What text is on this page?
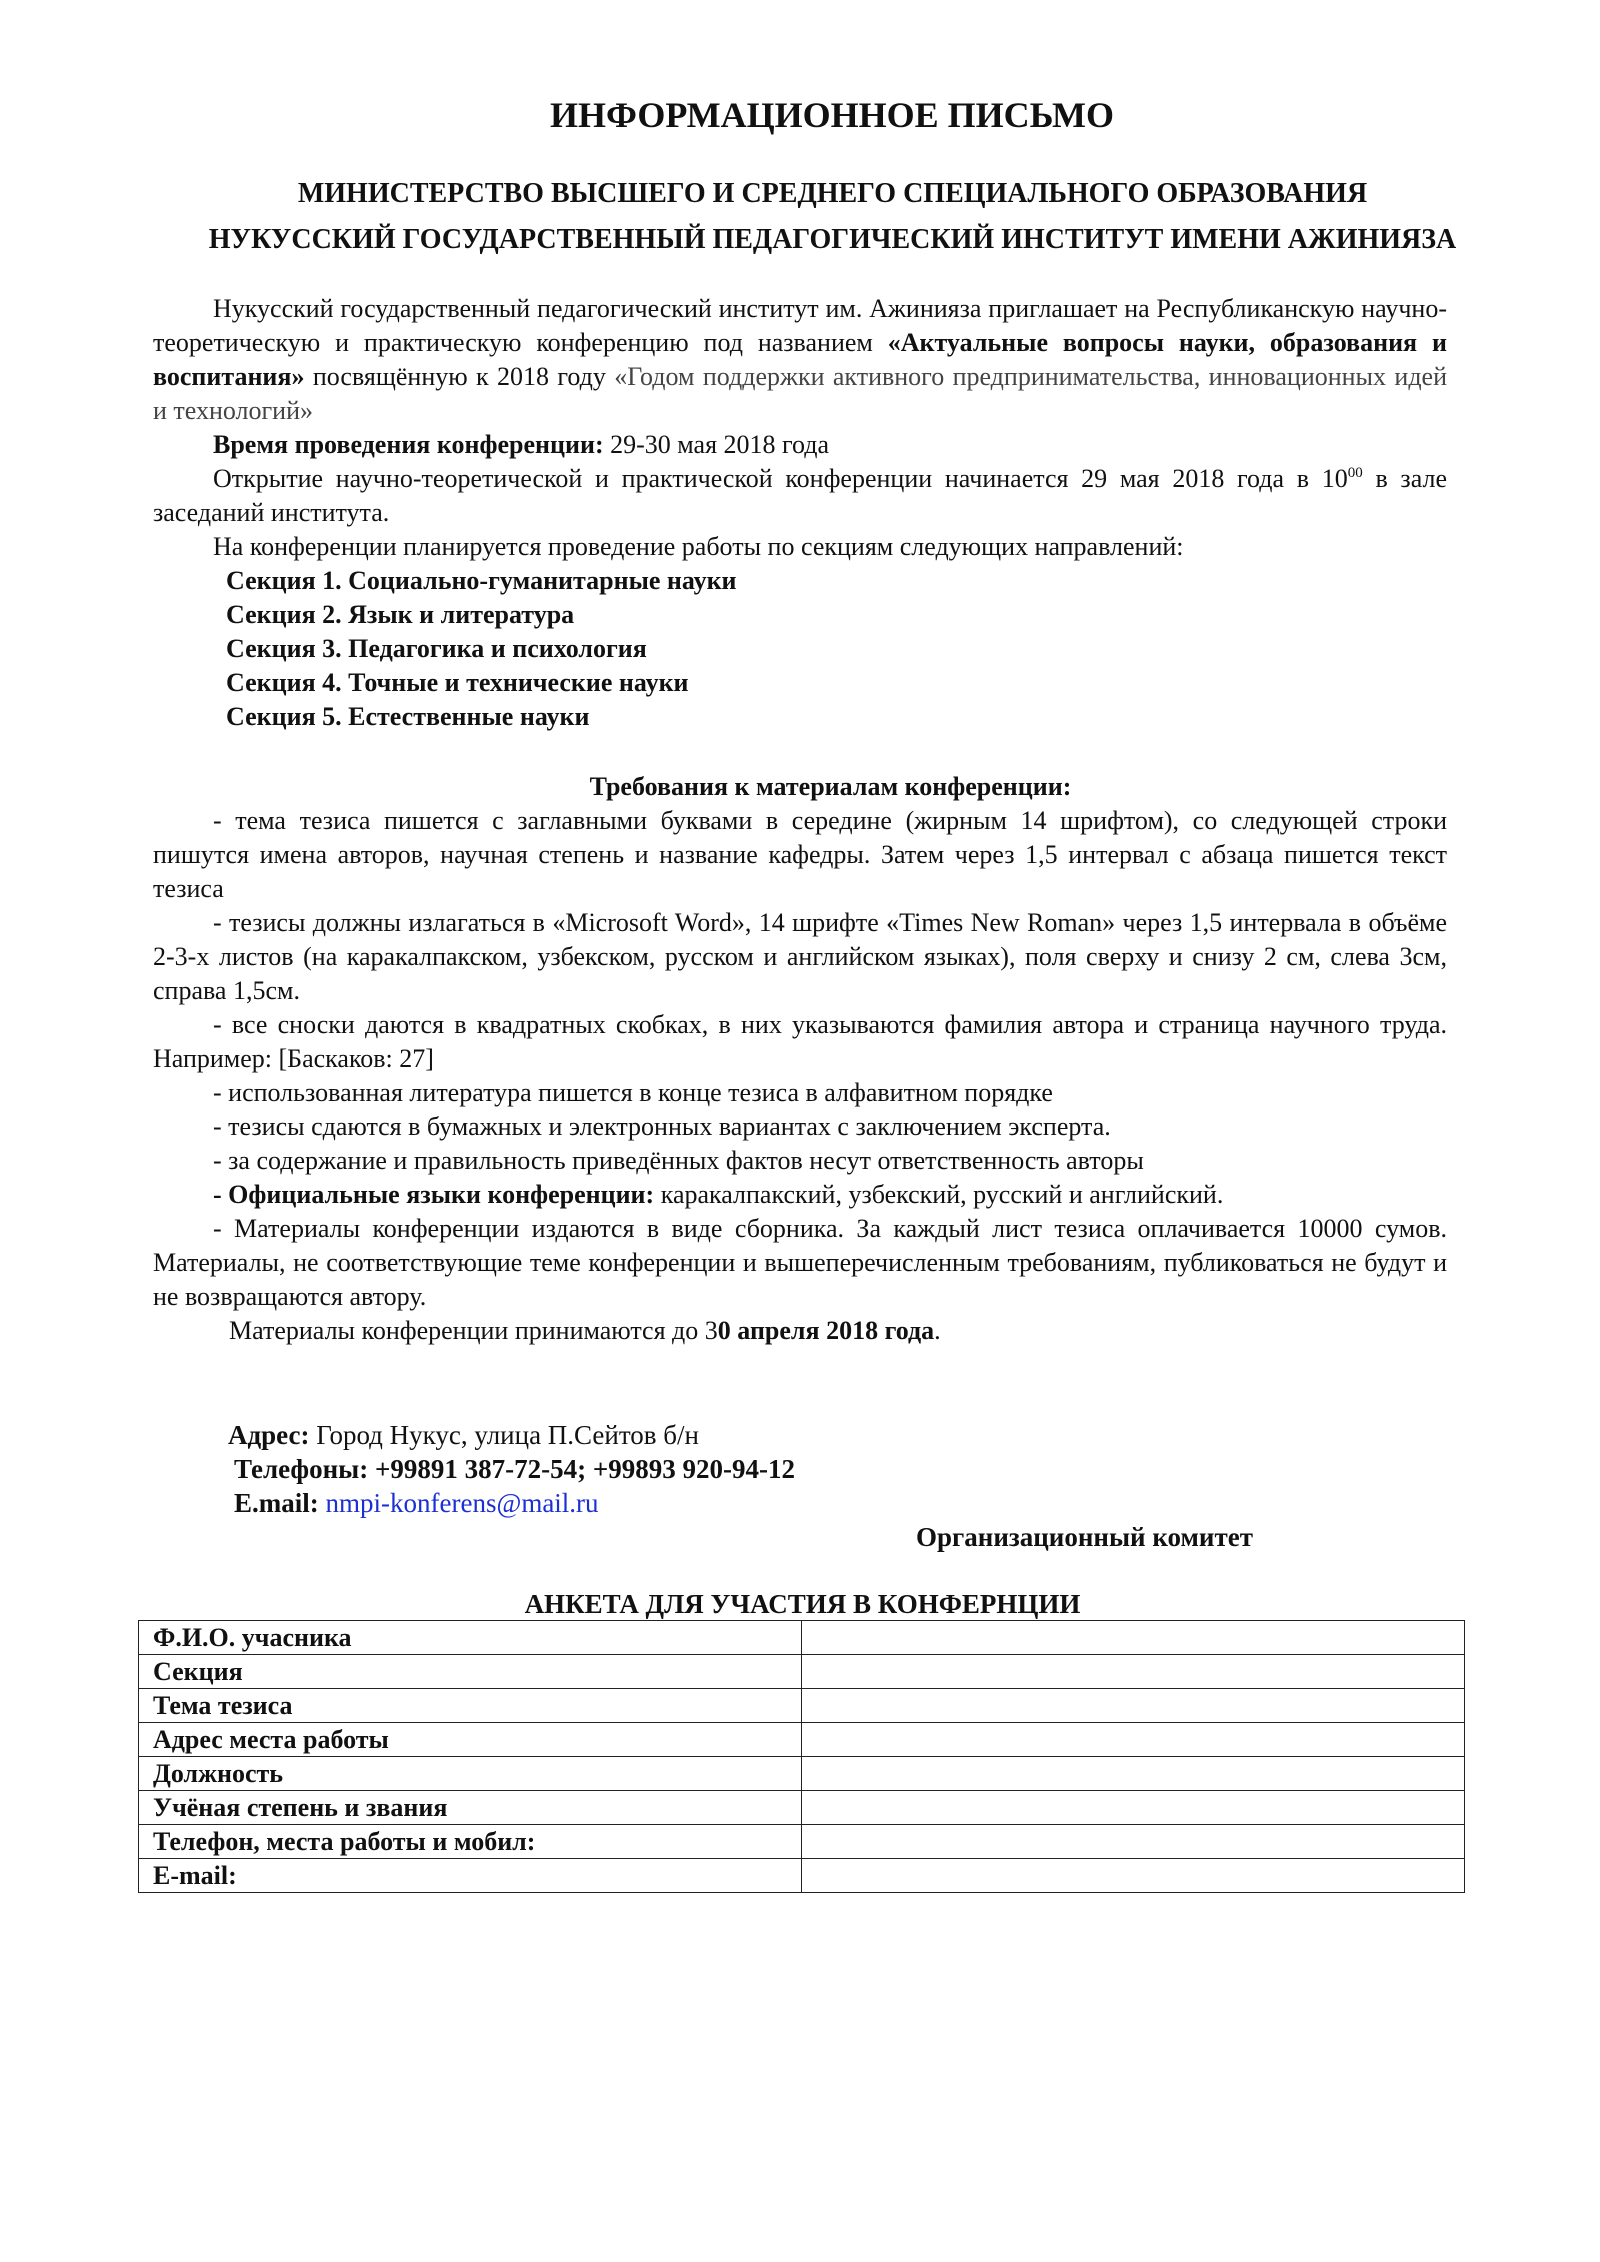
ИНФОРМАЦИОННОЕ ПИСЬМО
МИНИСТЕРСТВО ВЫСШЕГО И СРЕДНЕГО СПЕЦИАЛЬНОГО ОБРАЗОВАНИЯ
НУКУССКИЙ ГОСУДАРСТВЕННЫЙ ПЕДАГОГИЧЕСКИЙ ИНСТИТУТ ИМЕНИ АЖИНИЯЗА
Нукусский государственный педагогический институт им. Ажинияза приглашает на Республиканскую научно-теоретическую и практическую конференцию под названием «Актуальные вопросы науки, образования и воспитания» посвящённую к 2018 году «Годом поддержки активного предпринимательства, инновационных идей и технологий»
Время проведения конференции: 29-30 мая 2018 года
Открытие научно-теоретической и практической конференции начинается 29 мая 2018 года в $10^{00}$ в зале заседаний института.
На конференции планируется проведение работы по секциям следующих направлений:
Секция 1. Социально-гуманитарные науки
Секция 2. Язык и литература
Секция 3. Педагогика и психология
Секция 4. Точные и технические науки
Секция 5. Естественные науки
Требования к материалам конференции:
- тема тезиса пишется с заглавными буквами в середине (жирным 14 шрифтом), со следующей строки пишутся имена авторов, научная степень и название кафедры. Затем через 1,5 интервал с абзаца пишется текст тезиса
- тезисы должны излагаться в «Microsoft Word», 14 шрифте «Times New Roman» через 1,5 интервала в объёме 2-3-х листов (на каракалпакском, узбекском, русском и английском языках), поля сверху и снизу 2 см, слева 3см, справа 1,5см.
- все сноски даются в квадратных скобках, в них указываются фамилия автора и страница научного труда. Например: [Баскаков: 27]
- использованная литература пишется в конце тезиса в алфавитном порядке
- тезисы сдаются в бумажных и электронных вариантах с заключением эксперта.
- за содержание и правильность приведённых фактов несут ответственность авторы
- Официальные языки конференции: каракалпакский, узбекский, русский и английский.
- Материалы конференции издаются в виде сборника. За каждый лист тезиса оплачивается 10000 сумов. Материалы, не соответствующие теме конференции и вышеперечисленным требованиям, публиковаться не будут и не возвращаются автору.
Материалы конференции принимаются до 30 апреля 2018 года.
Адрес: Город Нукус, улица П.Сейтов б/н
Телефоны: +99891 387-72-54; +99893 920-94-12
E.mail: nmpi-konferens@mail.ru
Организационный комитет
АНКЕТА ДЛЯ УЧАСТИЯ В КОНФЕРНЦИИ
Ф.И.О. учасника	
Секция	
Тема тезиса	
Адрес места работы	
Должность	
Учёная степень и звания	
Телефон, места работы и мобил:	
E-mail:	
